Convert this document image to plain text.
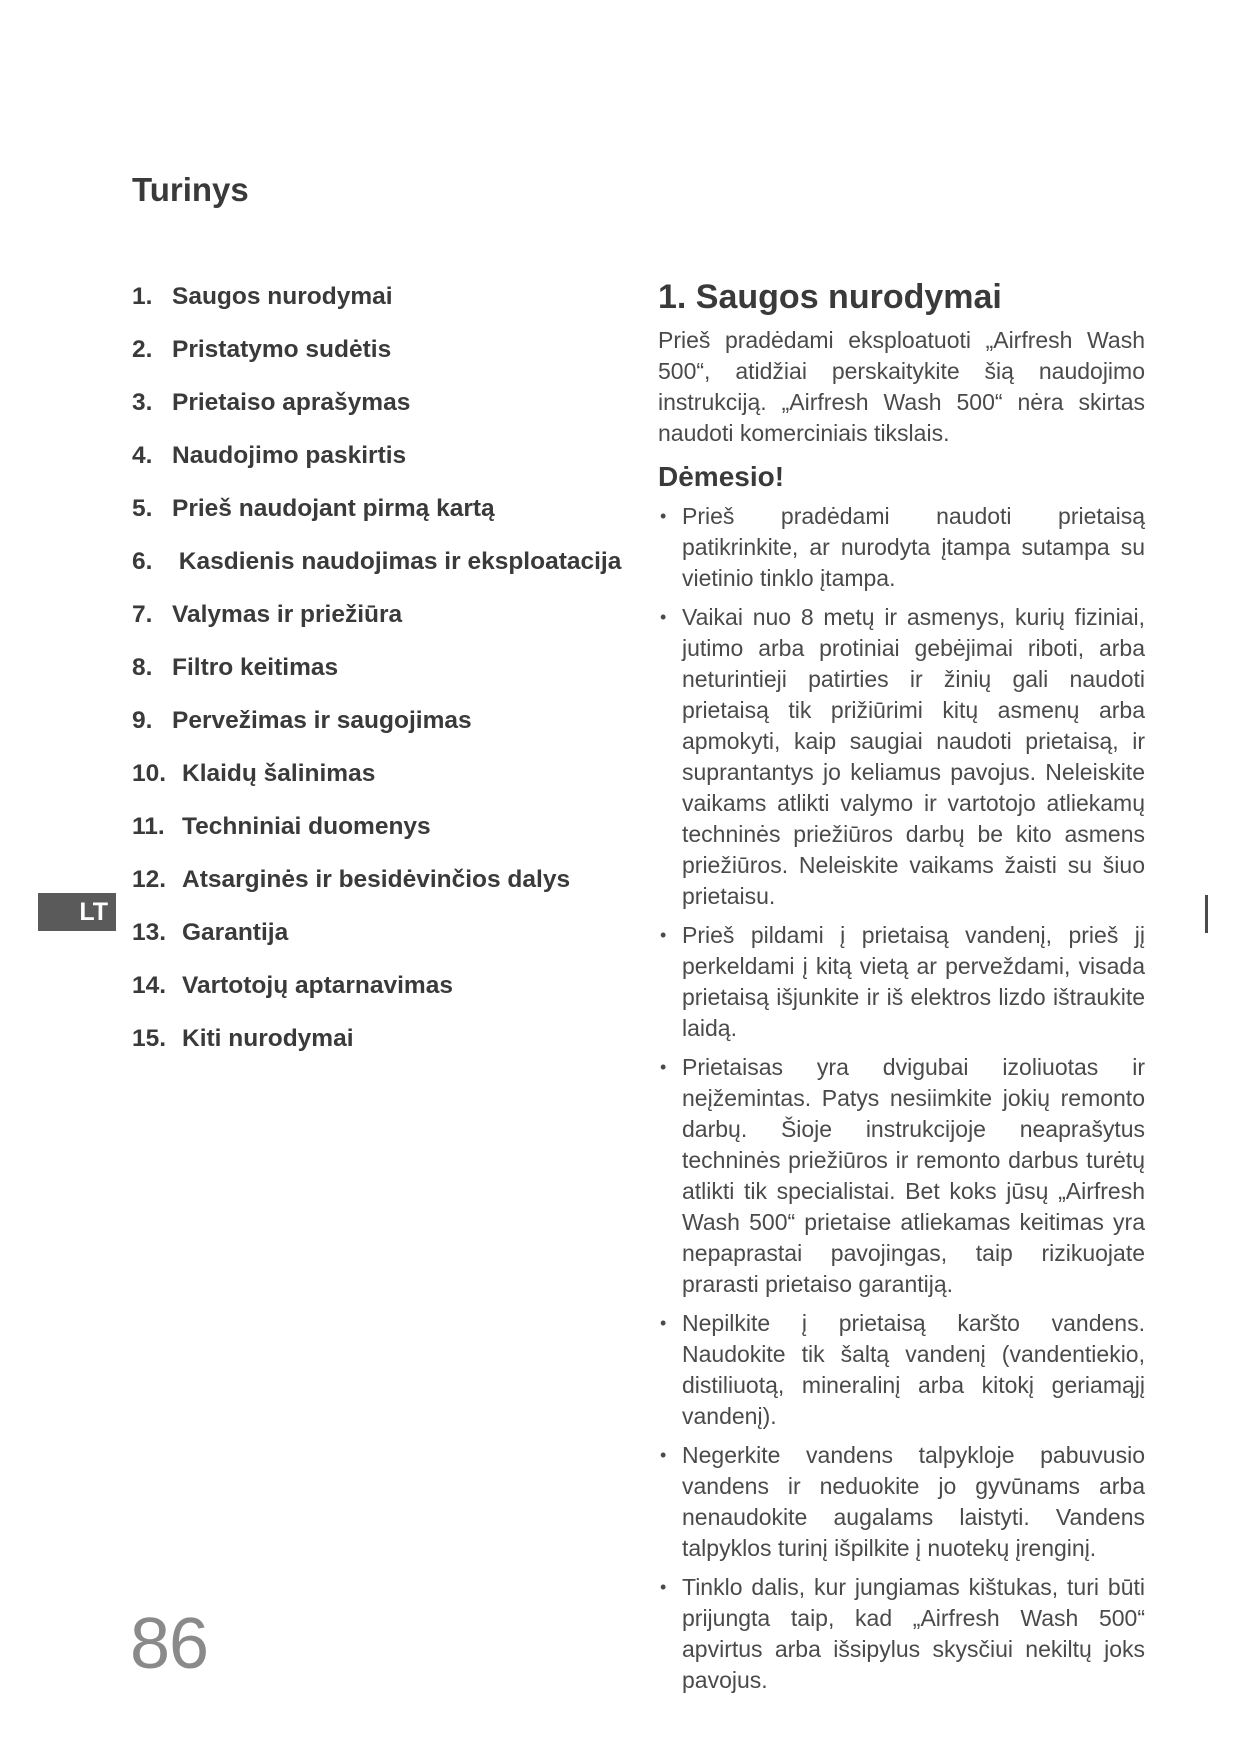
Turinys
1. Saugos nurodymai
2. Pristatymo sudėtis
3. Prietaiso aprašymas
4. Naudojimo paskirtis
5. Prieš naudojant pirmą kartą
6. Kasdienis naudojimas ir eksploatacija
7. Valymas ir priežiūra
8. Filtro keitimas
9. Pervežimas ir saugojimas
10. Klaidų šalinimas
11. Techniniai duomenys
12. Atsarginės ir besidėvinčios dalys
13. Garantija
14. Vartotojų aptarnavimas
15. Kiti nurodymai
LT
1. Saugos nurodymai

Prieš pradėdami eksploatuoti „Airfresh Wash 500“, atidžiai perskaitykite šią naudojimo instrukciją. „Airfresh Wash 500“ nėra skirtas naudoti komerciniais tikslais.

Dėmesio!
• Prieš pradėdami naudoti prietaisą patikrinkite, ar nurodyta įtampa sutampa su vietinio tinklo įtampa.
• Vaikai nuo 8 metų ir asmenys, kurių fiziniai, jutimo arba protiniai gebėjimai riboti, arba neturintieji patirties ir žinių gali naudoti prietaisą tik prižiūrimi kitų asmenų arba apmokyti, kaip saugiai naudoti prietaisą, ir suprantantys jo keliamus pavojus. Neleiskite vaikams atlikti valymo ir vartotojo atliekamų techninės priežiūros darbų be kito asmens priežiūros. Neleiskite vaikams žaisti su šiuo prietaisu.
• Prieš pildami į prietaisą vandenį, prieš jį perkeldami į kitą vietą ar perveždami, visada prietaisą išjunkite ir iš elektros lizdo ištraukite laidą.
• Prietaisas yra dvigubai izoliuotas ir neįžemintas. Patys nesiimkite jokių remonto darbų. Šioje instrukcijoje neaprašytus techninės priežiūros ir remonto darbus turėtų atlikti tik specialistai. Bet koks jūsų „Airfresh Wash 500“ prietaise atliekamas keitimas yra nepaprastai pavojingas, taip rizikuojate prarasti prietaiso garantiją.
• Nepilkite į prietaisą karšto vandens. Naudokite tik šaltą vandenį (vandentiekio, distiliuotą, mineralinį arba kitokį geriamąjį vandenį).
• Negerkite vandens talpykloje pabuvusio vandens ir neduokite jo gyvūnams arba nenaudokite augalams laistyti. Vandens talpyklos turinį išpilkite į nuotekų įrenginį.
• Tinklo dalis, kur jungiamas kištukas, turi būti prijungta taip, kad „Airfresh Wash 500“ apvirtus arba išsipylus skysčiui nekiltų joks pavojus.
86
